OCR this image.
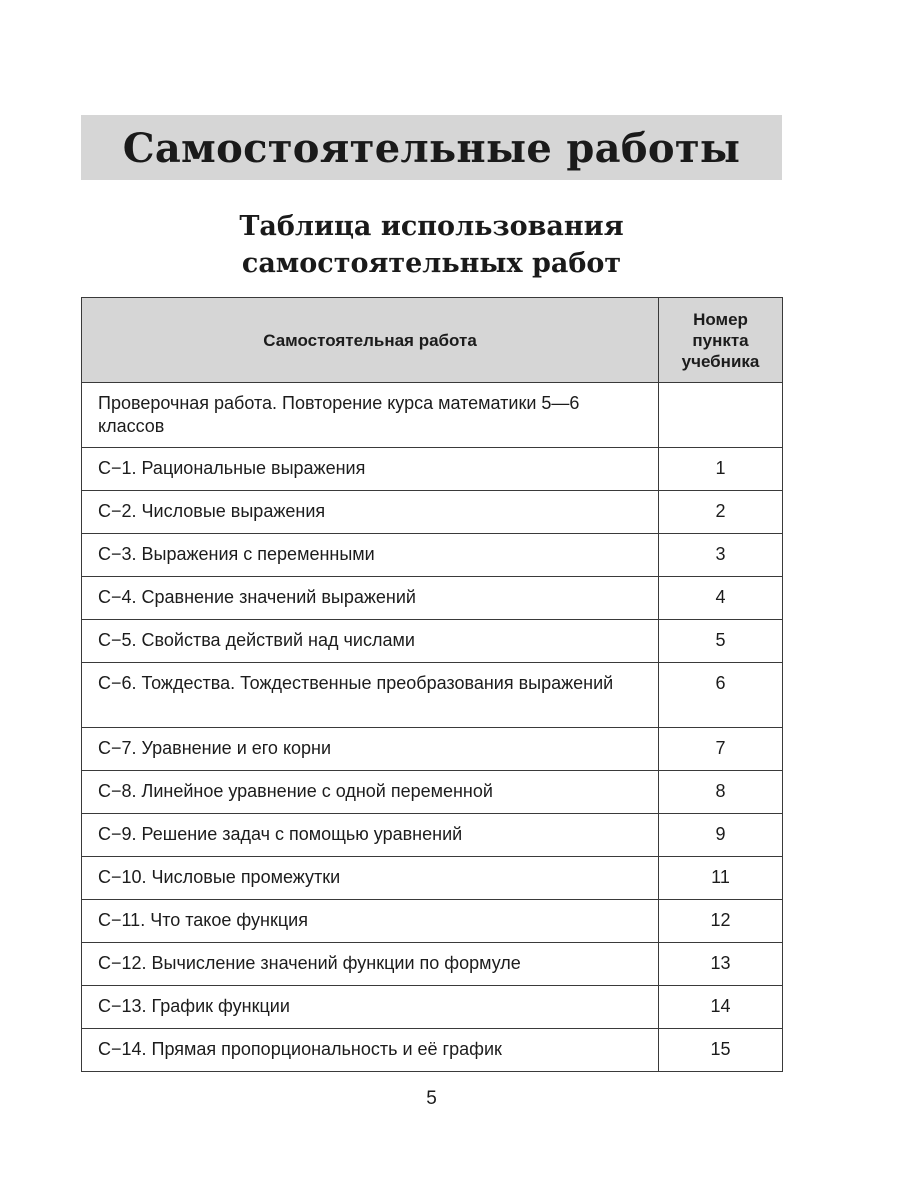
Самостоятельные работы
Таблица использования
самостоятельных работ
Самостоятельная работа	Номер
пункта
учебника

Проверочная работа. Повторение курса математики 5—6 классов	
С−1. Рациональные выражения	1
С−2. Числовые выражения	2
С−3. Выражения с переменными	3
С−4. Сравнение значений выражений	4
С−5. Свойства действий над числами	5
С−6. Тождества. Тождественные преобразования выражений	6
С−7. Уравнение и его корни	7
С−8. Линейное уравнение с одной переменной	8
С−9. Решение задач с помощью уравнений	9
С−10. Числовые промежутки	11
С−11. Что такое функция	12
С−12. Вычисление значений функции по формуле	13
С−13. График функции	14
С−14. Прямая пропорциональность и её график	15
5
